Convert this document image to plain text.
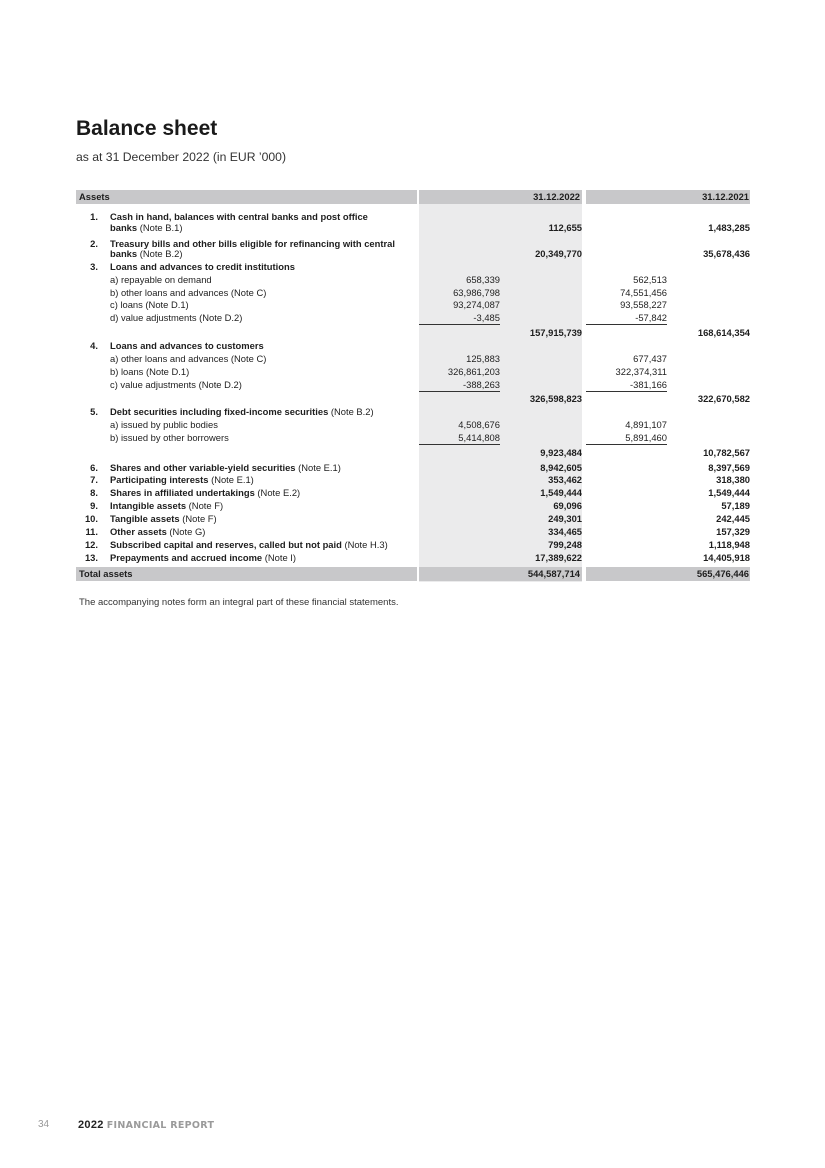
Balance sheet
as at 31 December 2022 (in EUR ’000)
Assets	31.12.2022	31.12.2021
1. Cash in hand, balances with central banks and post office
banks (Note B.1)	112,655	1,483,285
2. Treasury bills and other bills eligible for refinancing with central
banks (Note B.2)	20,349,770	35,678,436
3. Loans and advances to credit institutions
a) repayable on demand	658,339	562,513
b) other loans and advances (Note C)	63,986,798	74,551,456
c) loans (Note D.1)	93,274,087	93,558,227
d) value adjustments (Note D.2)	-3,485	-57,842
157,915,739	168,614,354
4. Loans and advances to customers
a) other loans and advances (Note C)	125,883	677,437
b) loans (Note D.1)	326,861,203	322,374,311
c) value adjustments (Note D.2)	-388,263	-381,166
326,598,823	322,670,582
5. Debt securities including fixed-income securities (Note B.2)
a) issued by public bodies	4,508,676	4,891,107
b) issued by other borrowers	5,414,808	5,891,460
9,923,484	10,782,567
6. Shares and other variable-yield securities (Note E.1)	8,942,605	8,397,569
7. Participating interests (Note E.1)	353,462	318,380
8. Shares in affiliated undertakings (Note E.2)	1,549,444	1,549,444
9. Intangible assets (Note F)	69,096	57,189
10. Tangible assets (Note F)	249,301	242,445
11. Other assets (Note G)	334,465	157,329
12. Subscribed capital and reserves, called but not paid (Note H.3)	799,248	1,118,948
13. Prepayments and accrued income (Note I)	17,389,622	14,405,918
Total assets	544,587,714	565,476,446
The accompanying notes form an integral part of these financial statements.
34	2022 FINANCIAL REPORT
